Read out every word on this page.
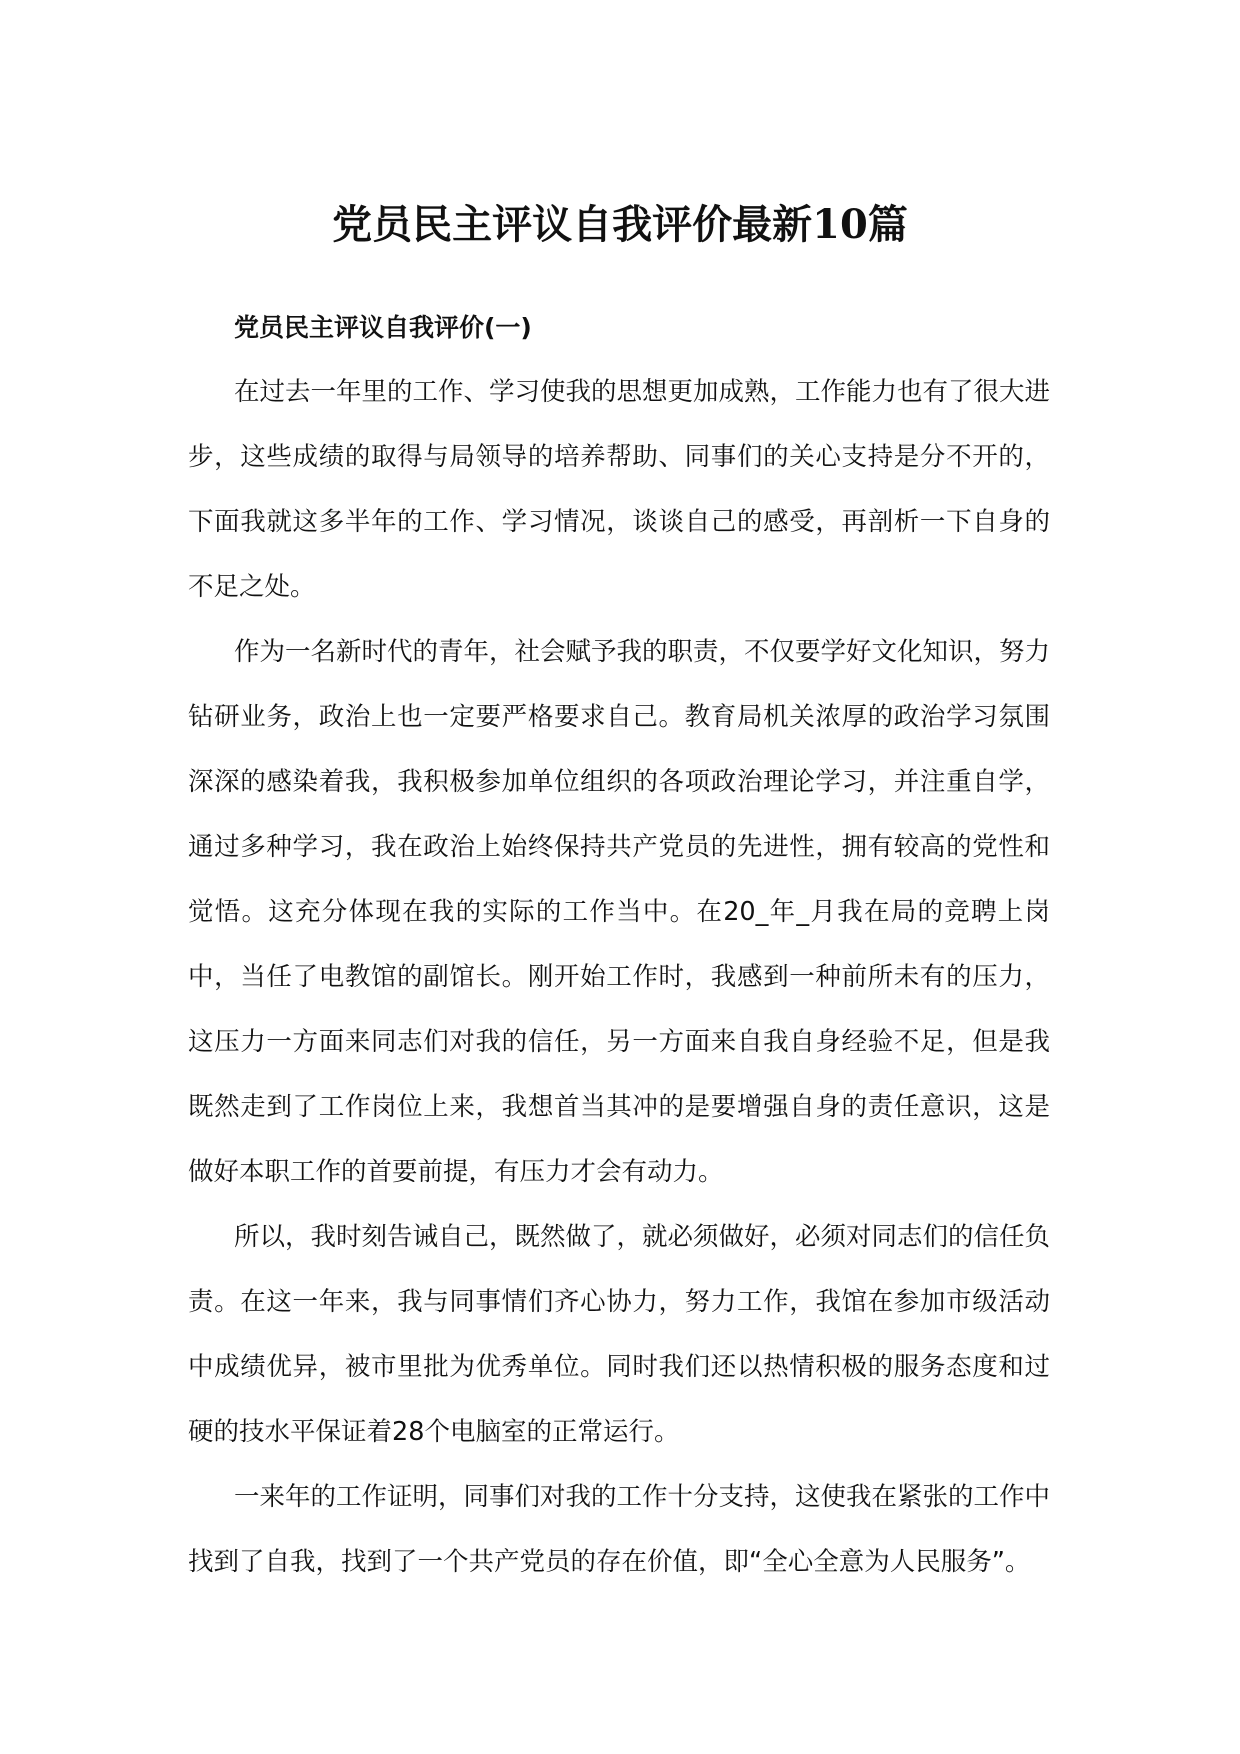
党员民主评议自我评价最新10篇
党员民主评议自我评价(一)

在过去一年里的工作、学习使我的思想更加成熟，工作能力也有了很大进步，这些成绩的取得与局领导的培养帮助、同事们的关心支持是分不开的，下面我就这多半年的工作、学习情况，谈谈自己的感受，再剖析一下自身的不足之处。

作为一名新时代的青年，社会赋予我的职责，不仅要学好文化知识，努力钻研业务，政治上也一定要严格要求自己。教育局机关浓厚的政治学习氛围深深的感染着我，我积极参加单位组织的各项政治理论学习，并注重自学，通过多种学习，我在政治上始终保持共产党员的先进性，拥有较高的党性和觉悟。这充分体现在我的实际的工作当中。在20_年_月我在局的竞聘上岗中，当任了电教馆的副馆长。刚开始工作时，我感到一种前所未有的压力，这压力一方面来同志们对我的信任，另一方面来自我自身经验不足，但是我既然走到了工作岗位上来，我想首当其冲的是要增强自身的责任意识，这是做好本职工作的首要前提，有压力才会有动力。

所以，我时刻告诫自己，既然做了，就必须做好，必须对同志们的信任负责。在这一年来，我与同事情们齐心协力，努力工作，我馆在参加市级活动中成绩优异，被市里批为优秀单位。同时我们还以热情积极的服务态度和过硬的技水平保证着28个电脑室的正常运行。

一来年的工作证明，同事们对我的工作十分支持，这使我在紧张的工作中找到了自我，找到了一个共产党员的存在价值，即“全心全意为人民服务”。
